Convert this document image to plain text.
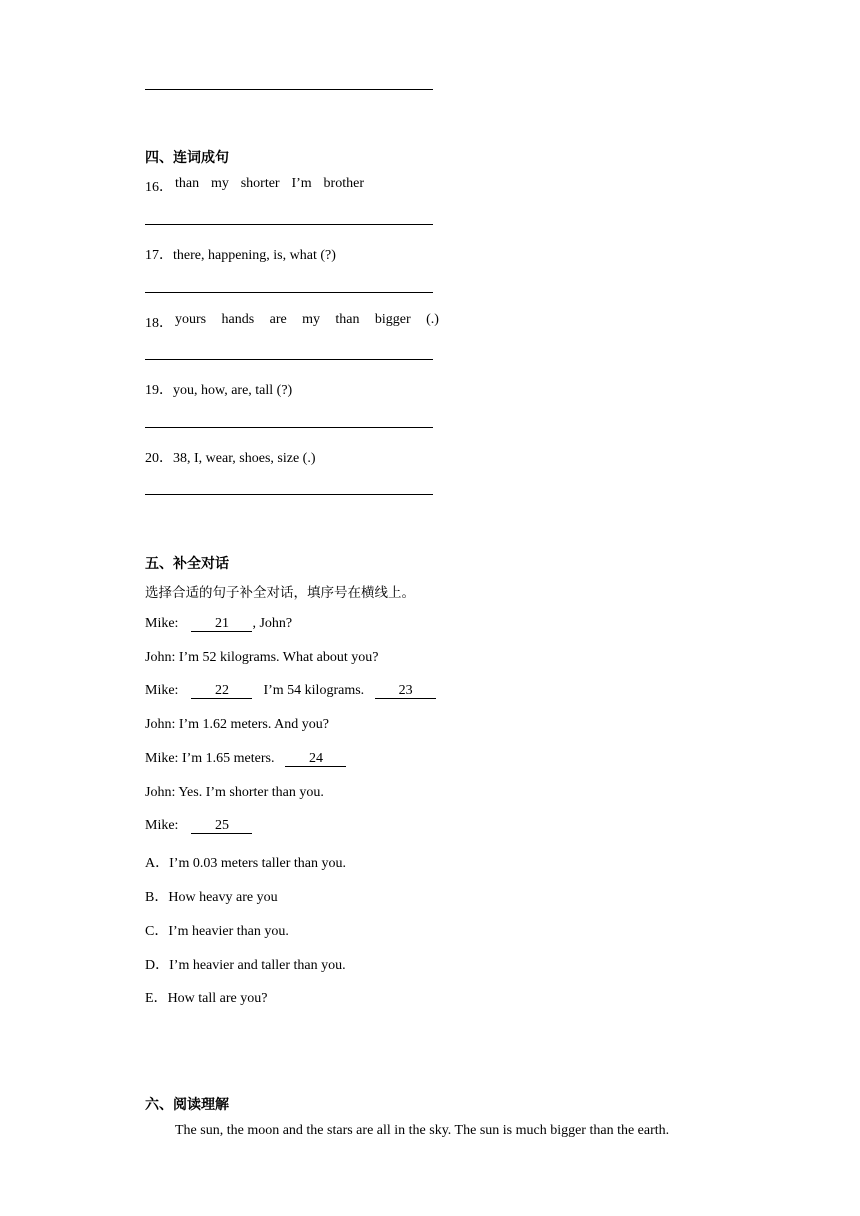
四、连词成句
16． than my shorter I’m brother
17．there, happening, is, what (?)
18． yours hands are my than bigger (.)
19．you, how, are, tall (?)
20．38, I, wear, shoes, size (.)
五、补全对话
选择合适的句子补全对话，填序号在横线上。
Mike:	21 , John?
John: I’m 52 kilograms. What about you?
Mike:	22 I’m 54 kilograms. 23
John: I’m 1.62 meters. And you?
Mike: I’m 1.65 meters. 24
John: Yes. I’m shorter than you.
Mike:	25
A．I’m 0.03 meters taller than you.
B．How heavy are you
C．I’m heavier than you.
D．I’m heavier and taller than you.
E．How tall are you?
六、阅读理解
The sun, the moon and the stars are all in the sky. The sun is much bigger than the earth.
